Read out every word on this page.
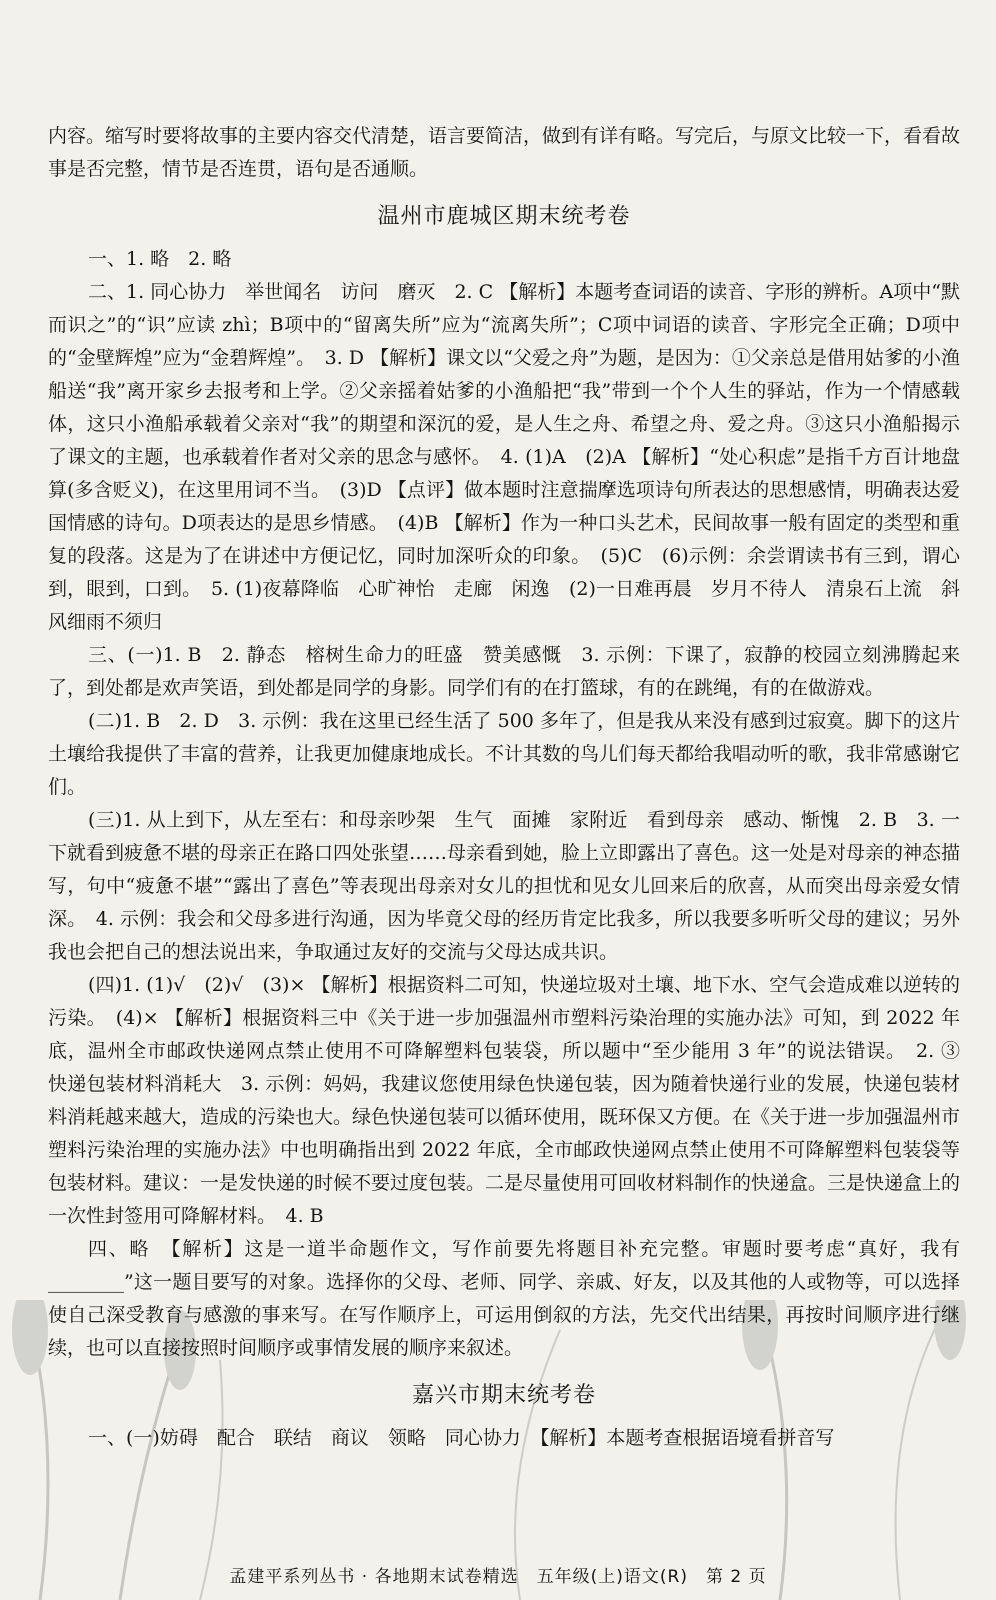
内容。缩写时要将故事的主要内容交代清楚，语言要简洁，做到有详有略。写完后，与原文比较一下，看看故事是否完整，情节是否连贯，语句是否通顺。

温州市鹿城区期末统考卷

一、1. 略　2. 略

二、1. 同心协力　举世闻名　访问　磨灭　2. C 【解析】本题考查词语的读音、字形的辨析。A项中“默而识之”的“识”应读 zhì；B项中的“留离失所”应为“流离失所”；C项中词语的读音、字形完全正确；D项中的“金壁辉煌”应为“金碧辉煌”。　3. D 【解析】课文以“父爱之舟”为题，是因为：①父亲总是借用姑爹的小渔船送“我”离开家乡去报考和上学。②父亲摇着姑爹的小渔船把“我”带到一个个人生的驿站，作为一个情感载体，这只小渔船承载着父亲对“我”的期望和深沉的爱，是人生之舟、希望之舟、爱之舟。③这只小渔船揭示了课文的主题，也承载着作者对父亲的思念与感怀。　4. (1)A　(2)A 【解析】“处心积虑”是指千方百计地盘算(多含贬义)，在这里用词不当。　(3)D 【点评】做本题时注意揣摩选项诗句所表达的思想感情，明确表达爱国情感的诗句。D项表达的是思乡情感。　(4)B 【解析】作为一种口头艺术，民间故事一般有固定的类型和重复的段落。这是为了在讲述中方便记忆，同时加深听众的印象。　(5)C　(6)示例：余尝谓读书有三到，谓心到，眼到，口到。　5. (1)夜幕降临　心旷神怡　走廊　闲逸　(2)一日难再晨　岁月不待人　清泉石上流　斜风细雨不须归

三、(一)1. B　2. 静态　榕树生命力的旺盛　赞美感慨　3. 示例：下课了，寂静的校园立刻沸腾起来了，到处都是欢声笑语，到处都是同学的身影。同学们有的在打篮球，有的在跳绳，有的在做游戏。

(二)1. B　2. D　3. 示例：我在这里已经生活了 500 多年了，但是我从来没有感到过寂寞。脚下的这片土壤给我提供了丰富的营养，让我更加健康地成长。不计其数的鸟儿们每天都给我唱动听的歌，我非常感谢它们。

(三)1. 从上到下，从左至右：和母亲吵架　生气　面摊　家附近　看到母亲　感动、惭愧　2. B　3. 一下就看到疲惫不堪的母亲正在路口四处张望……母亲看到她，脸上立即露出了喜色。这一处是对母亲的神态描写，句中“疲惫不堪”“露出了喜色”等表现出母亲对女儿的担忧和见女儿回来后的欣喜，从而突出母亲爱女情深。　4. 示例：我会和父母多进行沟通，因为毕竟父母的经历肯定比我多，所以我要多听听父母的建议；另外我也会把自己的想法说出来，争取通过友好的交流与父母达成共识。

(四)1. (1)√　(2)√　(3)× 【解析】根据资料二可知，快递垃圾对土壤、地下水、空气会造成难以逆转的污染。　(4)× 【解析】根据资料三中《关于进一步加强温州市塑料污染治理的实施办法》可知，到 2022 年底，温州全市邮政快递网点禁止使用不可降解塑料包装袋，所以题中“至少能用 3 年”的说法错误。　2. ③　快递包装材料消耗大　3. 示例：妈妈，我建议您使用绿色快递包装，因为随着快递行业的发展，快递包装材料消耗越来越大，造成的污染也大。绿色快递包装可以循环使用，既环保又方便。在《关于进一步加强温州市塑料污染治理的实施办法》中也明确指出到 2022 年底，全市邮政快递网点禁止使用不可降解塑料包装袋等包装材料。建议：一是发快递的时候不要过度包装。二是尽量使用可回收材料制作的快递盒。三是快递盒上的一次性封签用可降解材料。　4. B

四、略　【解析】这是一道半命题作文，写作前要先将题目补充完整。审题时要考虑“真好，我有________”这一题目要写的对象。选择你的父母、老师、同学、亲戚、好友，以及其他的人或物等，可以选择使自己深受教育与感激的事来写。在写作顺序上，可运用倒叙的方法，先交代出结果，再按时间顺序进行继续，也可以直接按照时间顺序或事情发展的顺序来叙述。

嘉兴市期末统考卷

一、(一)妨碍　配合　联结　商议　领略　同心协力　【解析】本题考查根据语境看拼音写

孟建平系列丛书 · 各地期末试卷精选　五年级(上)语文(R)　第 2 页
